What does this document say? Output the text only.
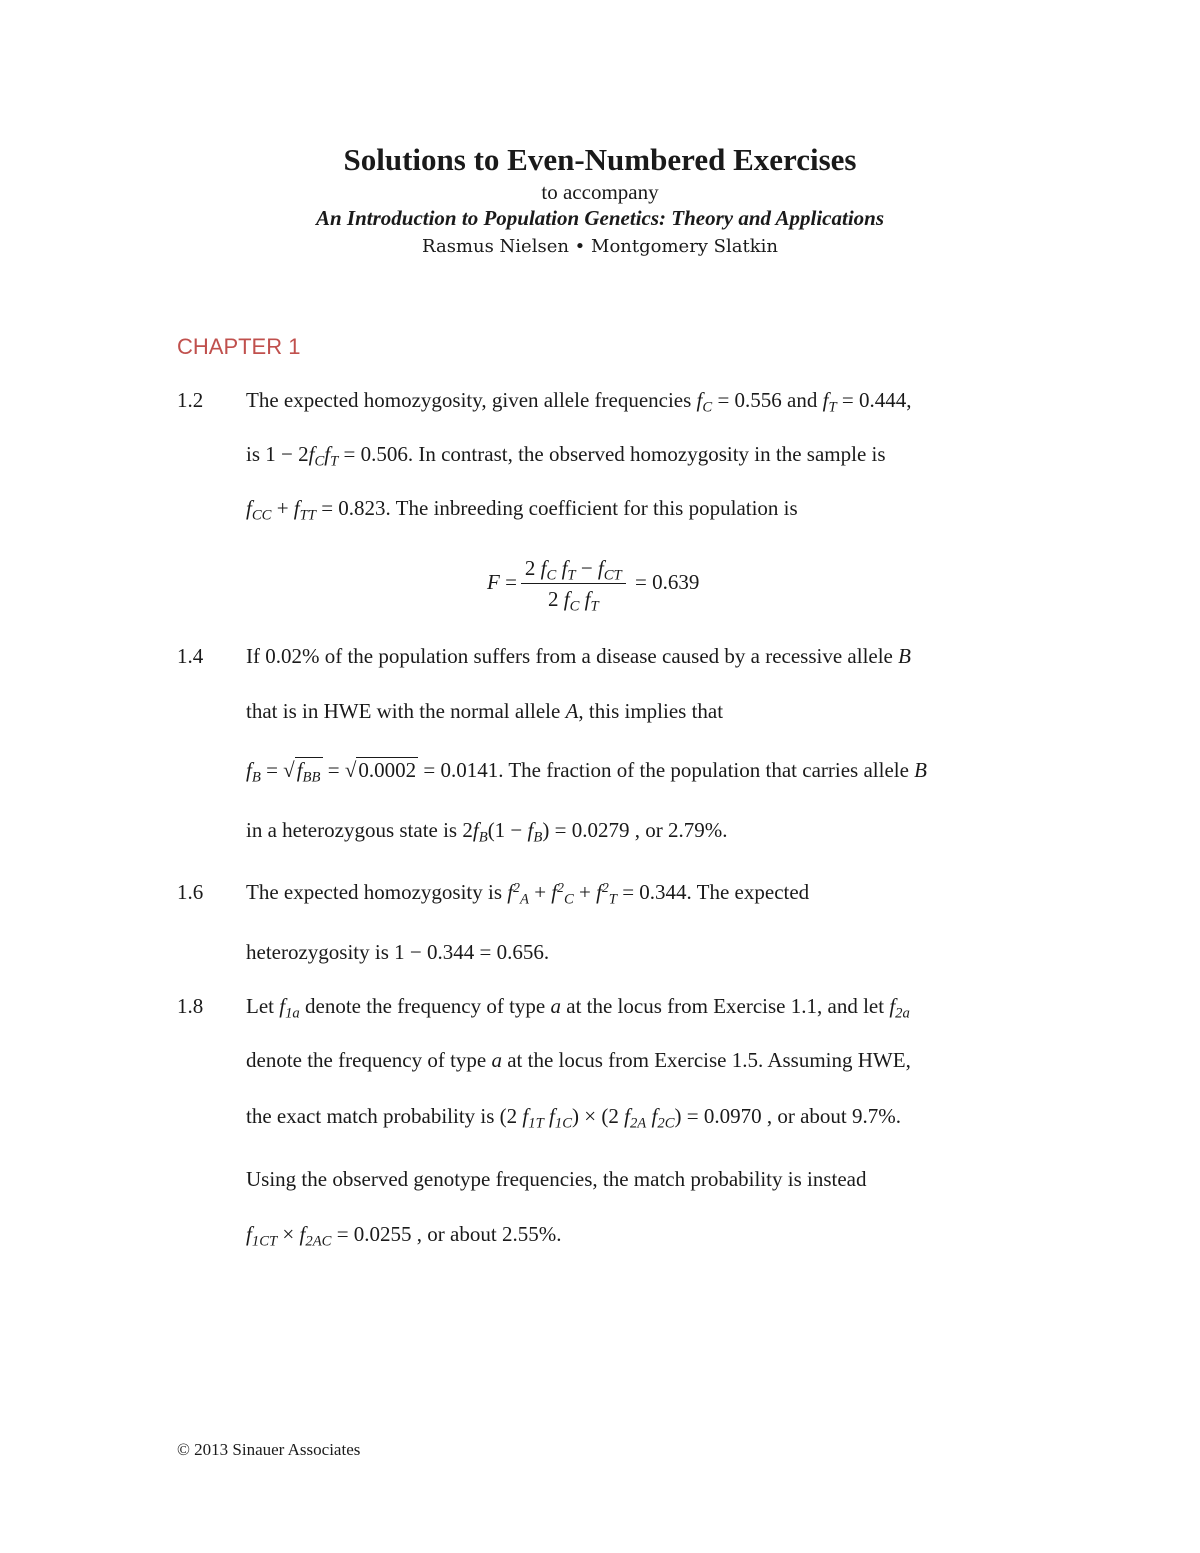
Solutions to Even-Numbered Exercises
to accompany
An Introduction to Population Genetics: Theory and Applications
Rasmus Nielsen • Montgomery Slatkin
CHAPTER 1
1.2 The expected homozygosity, given allele frequencies $f_C = 0.556$ and $f_T = 0.444$,
is $1 - 2f_Cf_T = 0.506$. In contrast, the observed homozygosity in the sample is
$f_{CC} + f_{TT} = 0.823$. The inbreeding coefficient for this population is
$F = \frac{2 f_C f_T - f_{CT}}{2 f_C f_T} = 0.639$
1.4 If 0.02% of the population suffers from a disease caused by a recessive allele B
that is in HWE with the normal allele A, this implies that
$f_B = √f_{BB} = √0.0002 = 0.0141$. The fraction of the population that carries allele B
in a heterozygous state is $2f_B(1 - f_B) = 0.0279$ , or 2.79%.
1.6 The expected homozygosity is $f^2_A + f^2_C + f^2_T = 0.344$. The expected
heterozygosity is 1 − 0.344 = 0.656.
1.8 Let $f_{1a}$ denote the frequency of type a at the locus from Exercise 1.1, and let $f_{2a}$
denote the frequency of type a at the locus from Exercise 1.5. Assuming HWE,
the exact match probability is (2 $f_{1T}$ $f_{1C}) \times (2$ $f_{2A}$ $f_{2C}) = 0.0970$ , or about 9.7%.
Using the observed genotype frequencies, the match probability is instead
$f_{1CT} \times f_{2AC} = 0.0255$ , or about 2.55%.
© 2013 Sinauer Associates
